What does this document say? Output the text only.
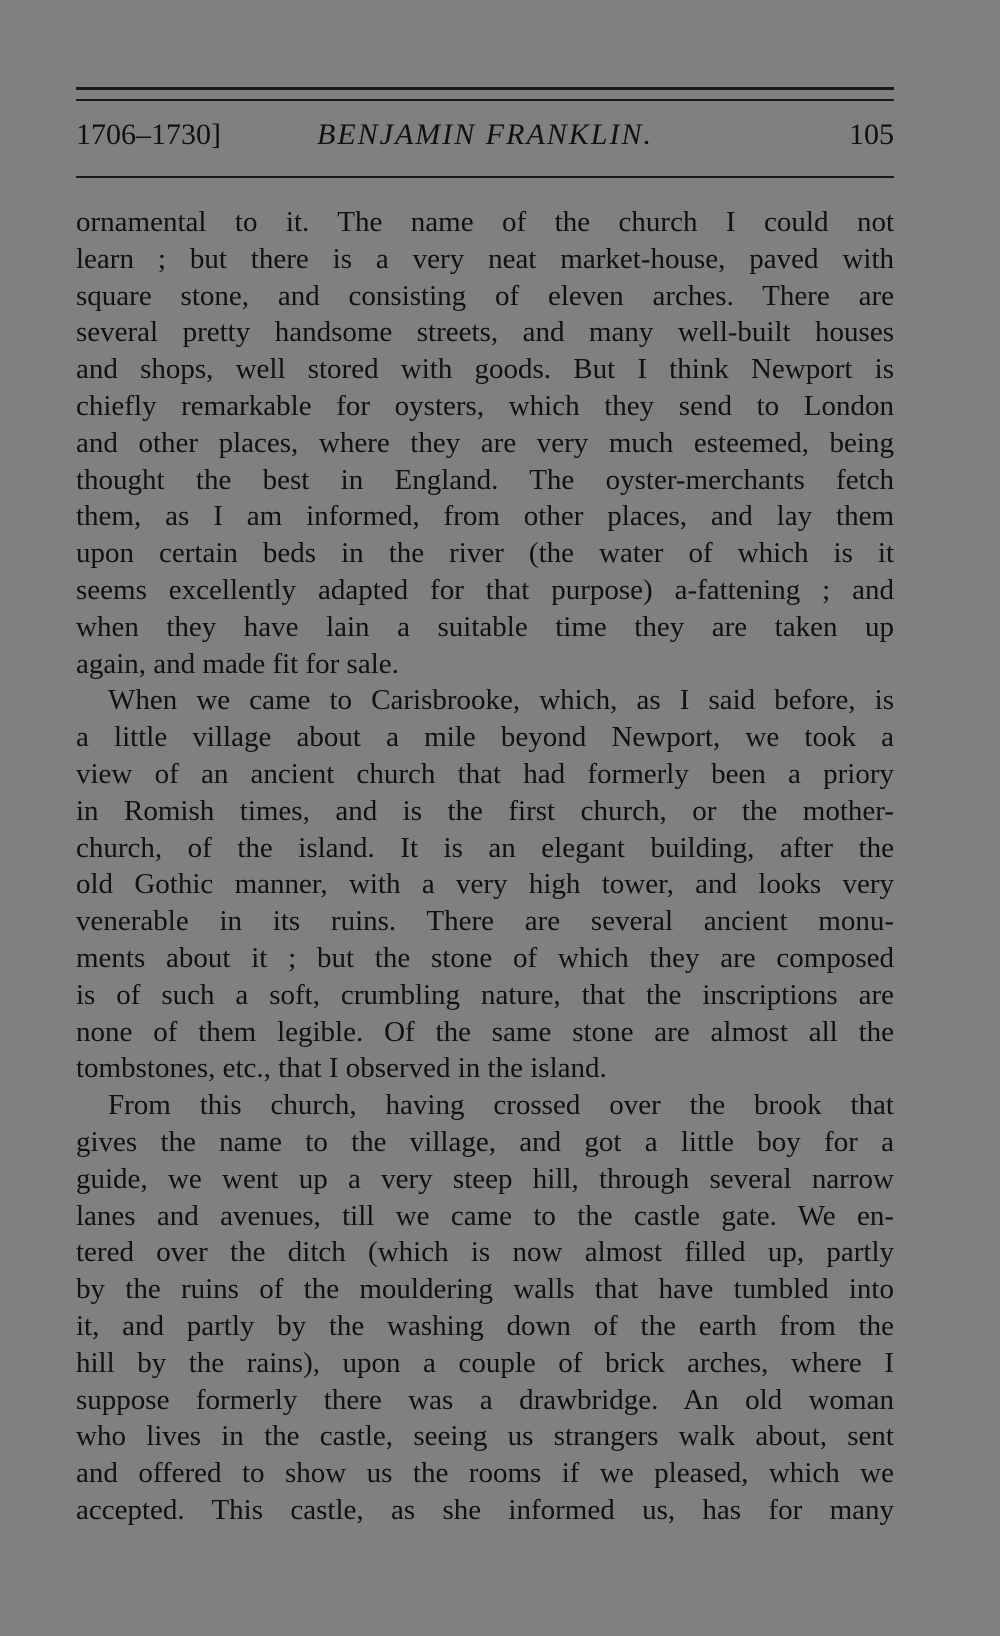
1706–1730]	BENJAMIN FRANKLIN.	105
ornamental to it. The name of the church I could not
learn ; but there is a very neat market-house, paved with
square stone, and consisting of eleven arches. There are
several pretty handsome streets, and many well-built houses
and shops, well stored with goods. But I think Newport is
chiefly remarkable for oysters, which they send to London
and other places, where they are very much esteemed, being
thought the best in England. The oyster-merchants fetch
them, as I am informed, from other places, and lay them
upon certain beds in the river (the water of which is it
seems excellently adapted for that purpose) a-fattening ; and
when they have lain a suitable time they are taken up
again, and made fit for sale.
When we came to Carisbrooke, which, as I said before, is
a little village about a mile beyond Newport, we took a
view of an ancient church that had formerly been a priory
in Romish times, and is the first church, or the mother-
church, of the island. It is an elegant building, after the
old Gothic manner, with a very high tower, and looks very
venerable in its ruins. There are several ancient monu-
ments about it ; but the stone of which they are composed
is of such a soft, crumbling nature, that the inscriptions are
none of them legible. Of the same stone are almost all the
tombstones, etc., that I observed in the island.
From this church, having crossed over the brook that
gives the name to the village, and got a little boy for a
guide, we went up a very steep hill, through several narrow
lanes and avenues, till we came to the castle gate. We en-
tered over the ditch (which is now almost filled up, partly
by the ruins of the mouldering walls that have tumbled into
it, and partly by the washing down of the earth from the
hill by the rains), upon a couple of brick arches, where I
suppose formerly there was a drawbridge. An old woman
who lives in the castle, seeing us strangers walk about, sent
and offered to show us the rooms if we pleased, which we
accepted. This castle, as she informed us, has for many
